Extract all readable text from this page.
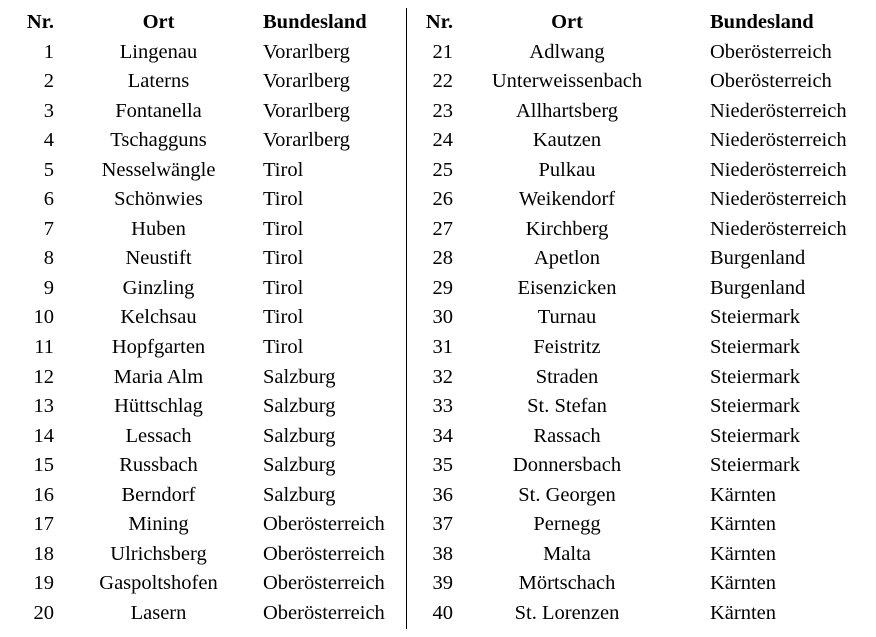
Nr.	Ort	Bundesland
1	Lingenau	Vorarlberg
2	Laterns	Vorarlberg
3	Fontanella	Vorarlberg
4	Tschagguns	Vorarlberg
5	Nesselwängle	Tirol
6	Schönwies	Tirol
7	Huben	Tirol
8	Neustift	Tirol
9	Ginzling	Tirol
10	Kelchsau	Tirol
11	Hopfgarten	Tirol
12	Maria Alm	Salzburg
13	Hüttschlag	Salzburg
14	Lessach	Salzburg
15	Russbach	Salzburg
16	Berndorf	Salzburg
17	Mining	Oberösterreich
18	Ulrichsberg	Oberösterreich
19	Gaspoltshofen	Oberösterreich
20	Lasern	Oberösterreich
Nr.	Ort	Bundesland
21	Adlwang	Oberösterreich
22	Unterweissenbach	Oberösterreich
23	Allhartsberg	Niederösterreich
24	Kautzen	Niederösterreich
25	Pulkau	Niederösterreich
26	Weikendorf	Niederösterreich
27	Kirchberg	Niederösterreich
28	Apetlon	Burgenland
29	Eisenzicken	Burgenland
30	Turnau	Steiermark
31	Feistritz	Steiermark
32	Straden	Steiermark
33	St. Stefan	Steiermark
34	Rassach	Steiermark
35	Donnersbach	Steiermark
36	St. Georgen	Kärnten
37	Pernegg	Kärnten
38	Malta	Kärnten
39	Mörtschach	Kärnten
40	St. Lorenzen	Kärnten
